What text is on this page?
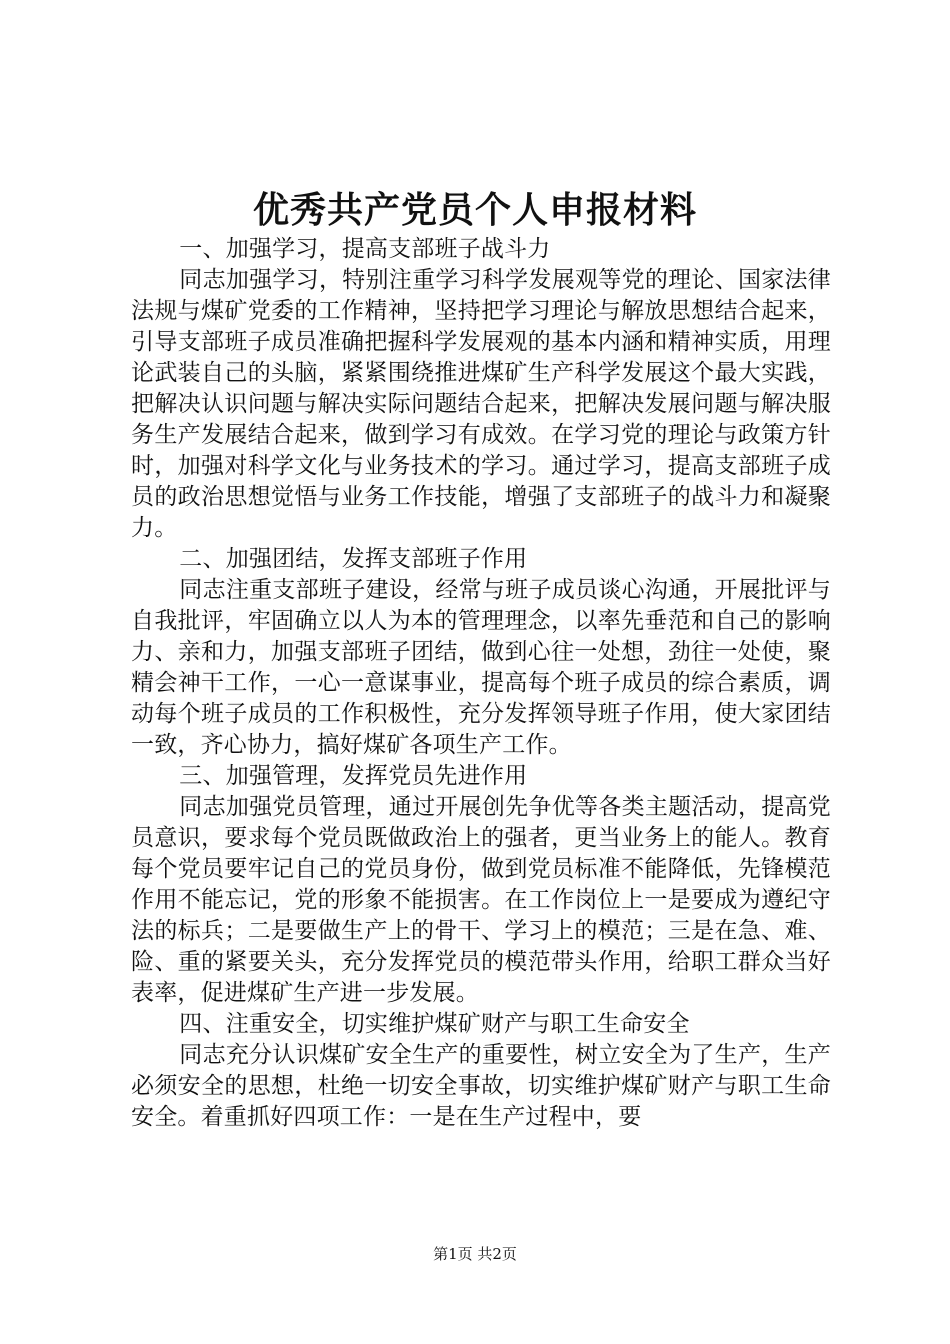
优秀共产党员个人申报材料

一、加强学习，提高支部班子战斗力

同志加强学习，特别注重学习科学发展观等党的理论、国家法律法规与煤矿党委的工作精神，坚持把学习理论与解放思想结合起来，引导支部班子成员准确把握科学发展观的基本内涵和精神实质，用理论武装自己的头脑，紧紧围绕推进煤矿生产科学发展这个最大实践，把解决认识问题与解决实际问题结合起来，把解决发展问题与解决服务生产发展结合起来，做到学习有成效。在学习党的理论与政策方针时，加强对科学文化与业务技术的学习。通过学习，提高支部班子成员的政治思想觉悟与业务工作技能，增强了支部班子的战斗力和凝聚力。

二、加强团结，发挥支部班子作用

同志注重支部班子建设，经常与班子成员谈心沟通，开展批评与自我批评，牢固确立以人为本的管理理念，以率先垂范和自己的影响力、亲和力，加强支部班子团结，做到心往一处想，劲往一处使，聚精会神干工作，一心一意谋事业，提高每个班子成员的综合素质，调动每个班子成员的工作积极性，充分发挥领导班子作用，使大家团结一致，齐心协力，搞好煤矿各项生产工作。

三、加强管理，发挥党员先进作用

同志加强党员管理，通过开展创先争优等各类主题活动，提高党员意识，要求每个党员既做政治上的强者，更当业务上的能人。教育每个党员要牢记自己的党员身份，做到党员标准不能降低，先锋模范作用不能忘记，党的形象不能损害。在工作岗位上一是要成为遵纪守法的标兵；二是要做生产上的骨干、学习上的模范；三是在急、难、险、重的紧要关头，充分发挥党员的模范带头作用，给职工群众当好表率，促进煤矿生产进一步发展。

四、注重安全，切实维护煤矿财产与职工生命安全

同志充分认识煤矿安全生产的重要性，树立安全为了生产，生产必须安全的思想，杜绝一切安全事故，切实维护煤矿财产与职工生命安全。着重抓好四项工作：一是在生产过程中，要

第1页 共2页
